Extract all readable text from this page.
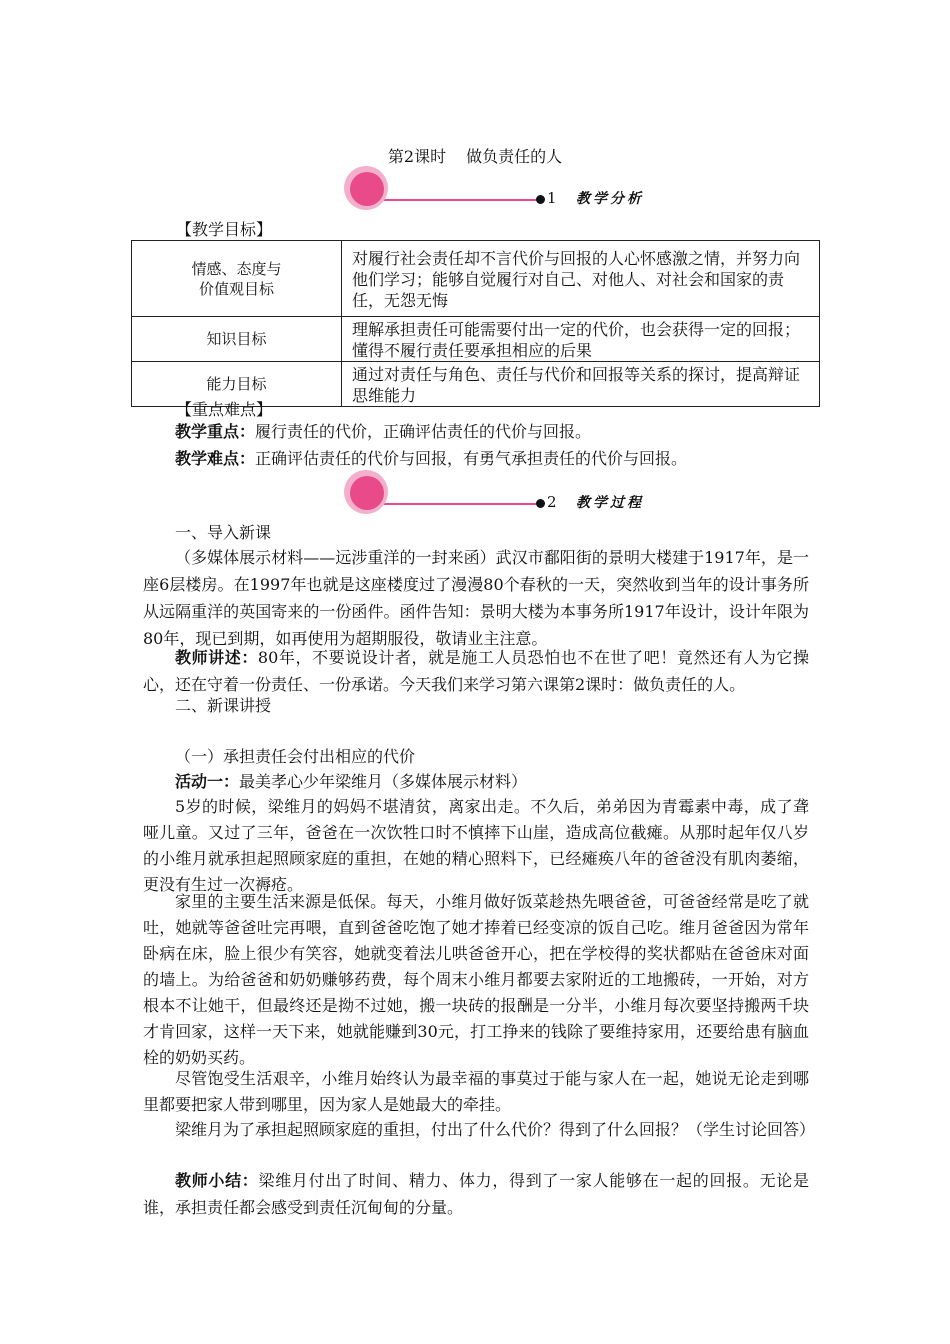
第2课时 做负责任的人
1 教学分析
【教学目标】
情感、态度与
价值观目标	对履行社会责任却不言代价与回报的人心怀感激之情，并努力向他们学习；能够自觉履行对自己、对他人、对社会和国家的责任，无怨无悔
知识目标	理解承担责任可能需要付出一定的代价，也会获得一定的回报；懂得不履行责任要承担相应的后果
能力目标	通过对责任与角色、责任与代价和回报等关系的探讨，提高辩证思维能力
【重点难点】
教学重点：履行责任的代价，正确评估责任的代价与回报。
教学难点：正确评估责任的代价与回报，有勇气承担责任的代价与回报。
2 教学过程
一、导入新课
（多媒体展示材料——远涉重洋的一封来函）武汉市鄱阳街的景明大楼建于1917年，是一座6层楼房。在1997年也就是这座楼度过了漫漫80个春秋的一天，突然收到当年的设计事务所从远隔重洋的英国寄来的一份函件。函件告知：景明大楼为本事务所1917年设计，设计年限为80年，现已到期，如再使用为超期服役，敬请业主注意。
教师讲述：80年，不要说设计者，就是施工人员恐怕也不在世了吧！竟然还有人为它操心，还在守着一份责任、一份承诺。今天我们来学习第六课第2课时：做负责任的人。
二、新课讲授
（一）承担责任会付出相应的代价
活动一：最美孝心少年梁维月（多媒体展示材料）
5岁的时候，梁维月的妈妈不堪清贫，离家出走。不久后，弟弟因为青霉素中毒，成了聋哑儿童。又过了三年，爸爸在一次饮牲口时不慎摔下山崖，造成高位截瘫。从那时起年仅八岁的小维月就承担起照顾家庭的重担，在她的精心照料下，已经瘫痪八年的爸爸没有肌肉萎缩，更没有生过一次褥疮。
家里的主要生活来源是低保。每天，小维月做好饭菜趁热先喂爸爸，可爸爸经常是吃了就吐，她就等爸爸吐完再喂，直到爸爸吃饱了她才捧着已经变凉的饭自己吃。维月爸爸因为常年卧病在床，脸上很少有笑容，她就变着法儿哄爸爸开心，把在学校得的奖状都贴在爸爸床对面的墙上。为给爸爸和奶奶赚够药费，每个周末小维月都要去家附近的工地搬砖，一开始，对方根本不让她干，但最终还是拗不过她，搬一块砖的报酬是一分半，小维月每次要坚持搬两千块才肯回家，这样一天下来，她就能赚到30元，打工挣来的钱除了要维持家用，还要给患有脑血栓的奶奶买药。
尽管饱受生活艰辛，小维月始终认为最幸福的事莫过于能与家人在一起，她说无论走到哪里都要把家人带到哪里，因为家人是她最大的牵挂。
梁维月为了承担起照顾家庭的重担，付出了什么代价？得到了什么回报？（学生讨论回答）
教师小结：梁维月付出了时间、精力、体力，得到了一家人能够在一起的回报。无论是谁，承担责任都会感受到责任沉甸甸的分量。
